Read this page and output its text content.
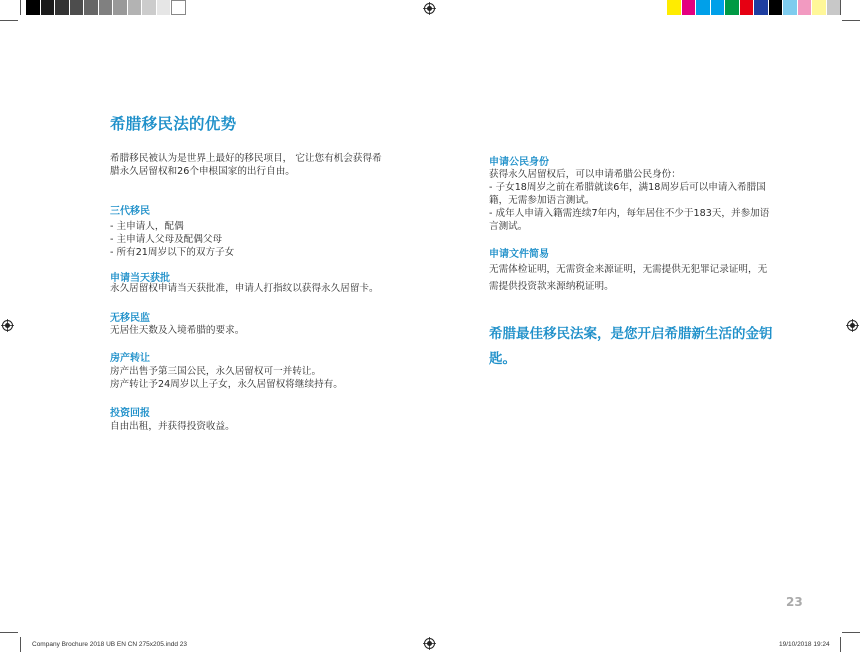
希腊移民法的优势
希腊移民被认为是世界上最好的移民项目， 它让您有机会获得希
腊永久居留权和26个申根国家的出行自由。
三代移民
- 主申请人，配偶
- 主申请人父母及配偶父母
- 所有21周岁以下的双方子女
申请当天获批
永久居留权申请当天获批准，申请人打指纹以获得永久居留卡。
无移民监
无居住天数及入境希腊的要求。
房产转让
房产出售予第三国公民，永久居留权可一并转让。
房产转让予24周岁以上子女，永久居留权将继续持有。
投资回报
自由出租，并获得投资收益。
申请公民身份
获得永久居留权后，可以申请希腊公民身份：
- 子女18周岁之前在希腊就读6年，满18周岁后可以申请入希腊国
籍，无需参加语言测试。
- 成年人申请入籍需连续7年内，每年居住不少于183天，并参加语
言测试。
申请文件简易
无需体检证明，无需资金来源证明，无需提供无犯罪记录证明，无
需提供投资款来源纳税证明。
希腊最佳移民法案，是您开启希腊新生活的金钥
匙。
23
Company Brochure 2018 UB EN CN 275x205.indd 23	19/10/2018 19:24
